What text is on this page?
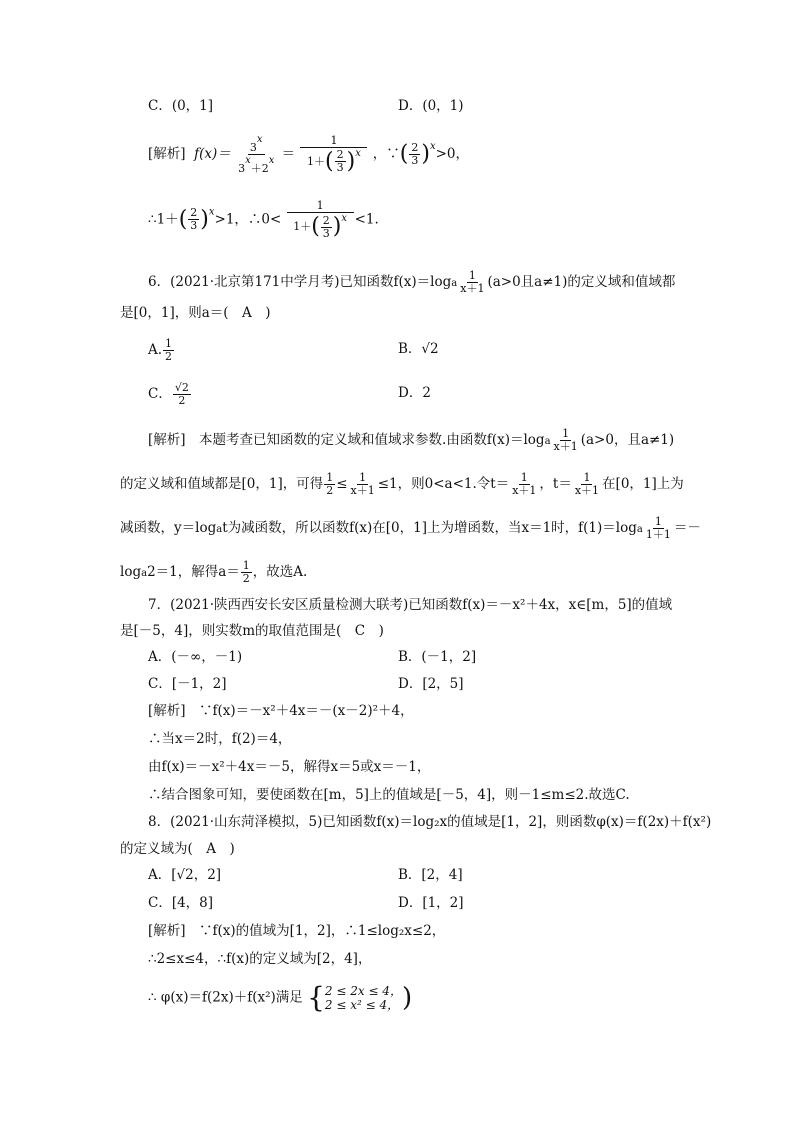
C．(0，1]	D．(0，1)
[解析] $f(x)= \frac{3x}{3x+2x} = \frac{1}{1+( \frac{2}{3} )x}$ ，∵( $\frac{2}{3} )^x>0$，
∴1＋( $\frac{2}{3} )^x>1$，∴0< $\frac{1}{1+( \frac{2}{3} )x} <1$.
6．(2021·北京第171中学月考)已知函数$f(x)=\log a \frac{1}{x+1} (a>0$且a≠1)的定义域和值域都
是[0，1]，则a＝(　A　)
A. $\frac{1}{2}$	B．√2
C． $\frac{√2}{2}$	D．2
[解析]　本题考查已知函数的定义域和值域求参数.由函数$f(x)=\log a \frac{1}{x+1} (a>0$，且a≠1)
的定义域和值域都是[0，1]，可得 $\frac{1}{2} \le \frac{1}{x+1} \le 1$，则0<a<1.令$t= \frac{1}{x+1}$ ，$t= \frac{1}{x+1}$ 在[0，1]上为
减函数，y＝logat为减函数，所以函数f(x)在[0，1]上为增函数，当x＝1时，$f(1)=\log a \frac{1}{1+1}$ ＝－
loga2＝1，解得$a= \frac{1}{2}$ ，故选A.
7．(2021·陕西西安长安区质量检测大联考)已知函数f(x)＝－x²＋4x，x∈[m，5]的值域
是[－5，4]，则实数m的取值范围是(　C　)
A．(－∞，－1)	B．(－1，2]
C．[－1，2]	D．[2，5]
[解析]　∵f(x)＝－x²＋4x＝－(x－2)²＋4，
∴当x＝2时，f(2)＝4，
由f(x)＝－x²＋4x＝－5，解得x＝5或x＝－1，
∴结合图象可知，要使函数在[m，5]上的值域是[－5，4]，则－1≤m≤2.故选C.
8．(2021·山东菏泽模拟，5)已知函数f(x)＝log₂x的值域是[1，2]，则函数φ(x)＝f(2x)＋f(x²)
的定义域为(　A　)
A．[√2，2]	B．[2，4]
C．[4，8]	D．[1，2]
[解析]　∵f(x)的值域为[1，2]，∴1≤log₂x≤2，
∴2≤x≤4，∴f(x)的定义域为[2，4]，
∴ φ(x)＝f(2x)＋f(x²)满足 { 2 ≤ 2x ≤ 4，
2 ≤ x² ≤ 4， )
